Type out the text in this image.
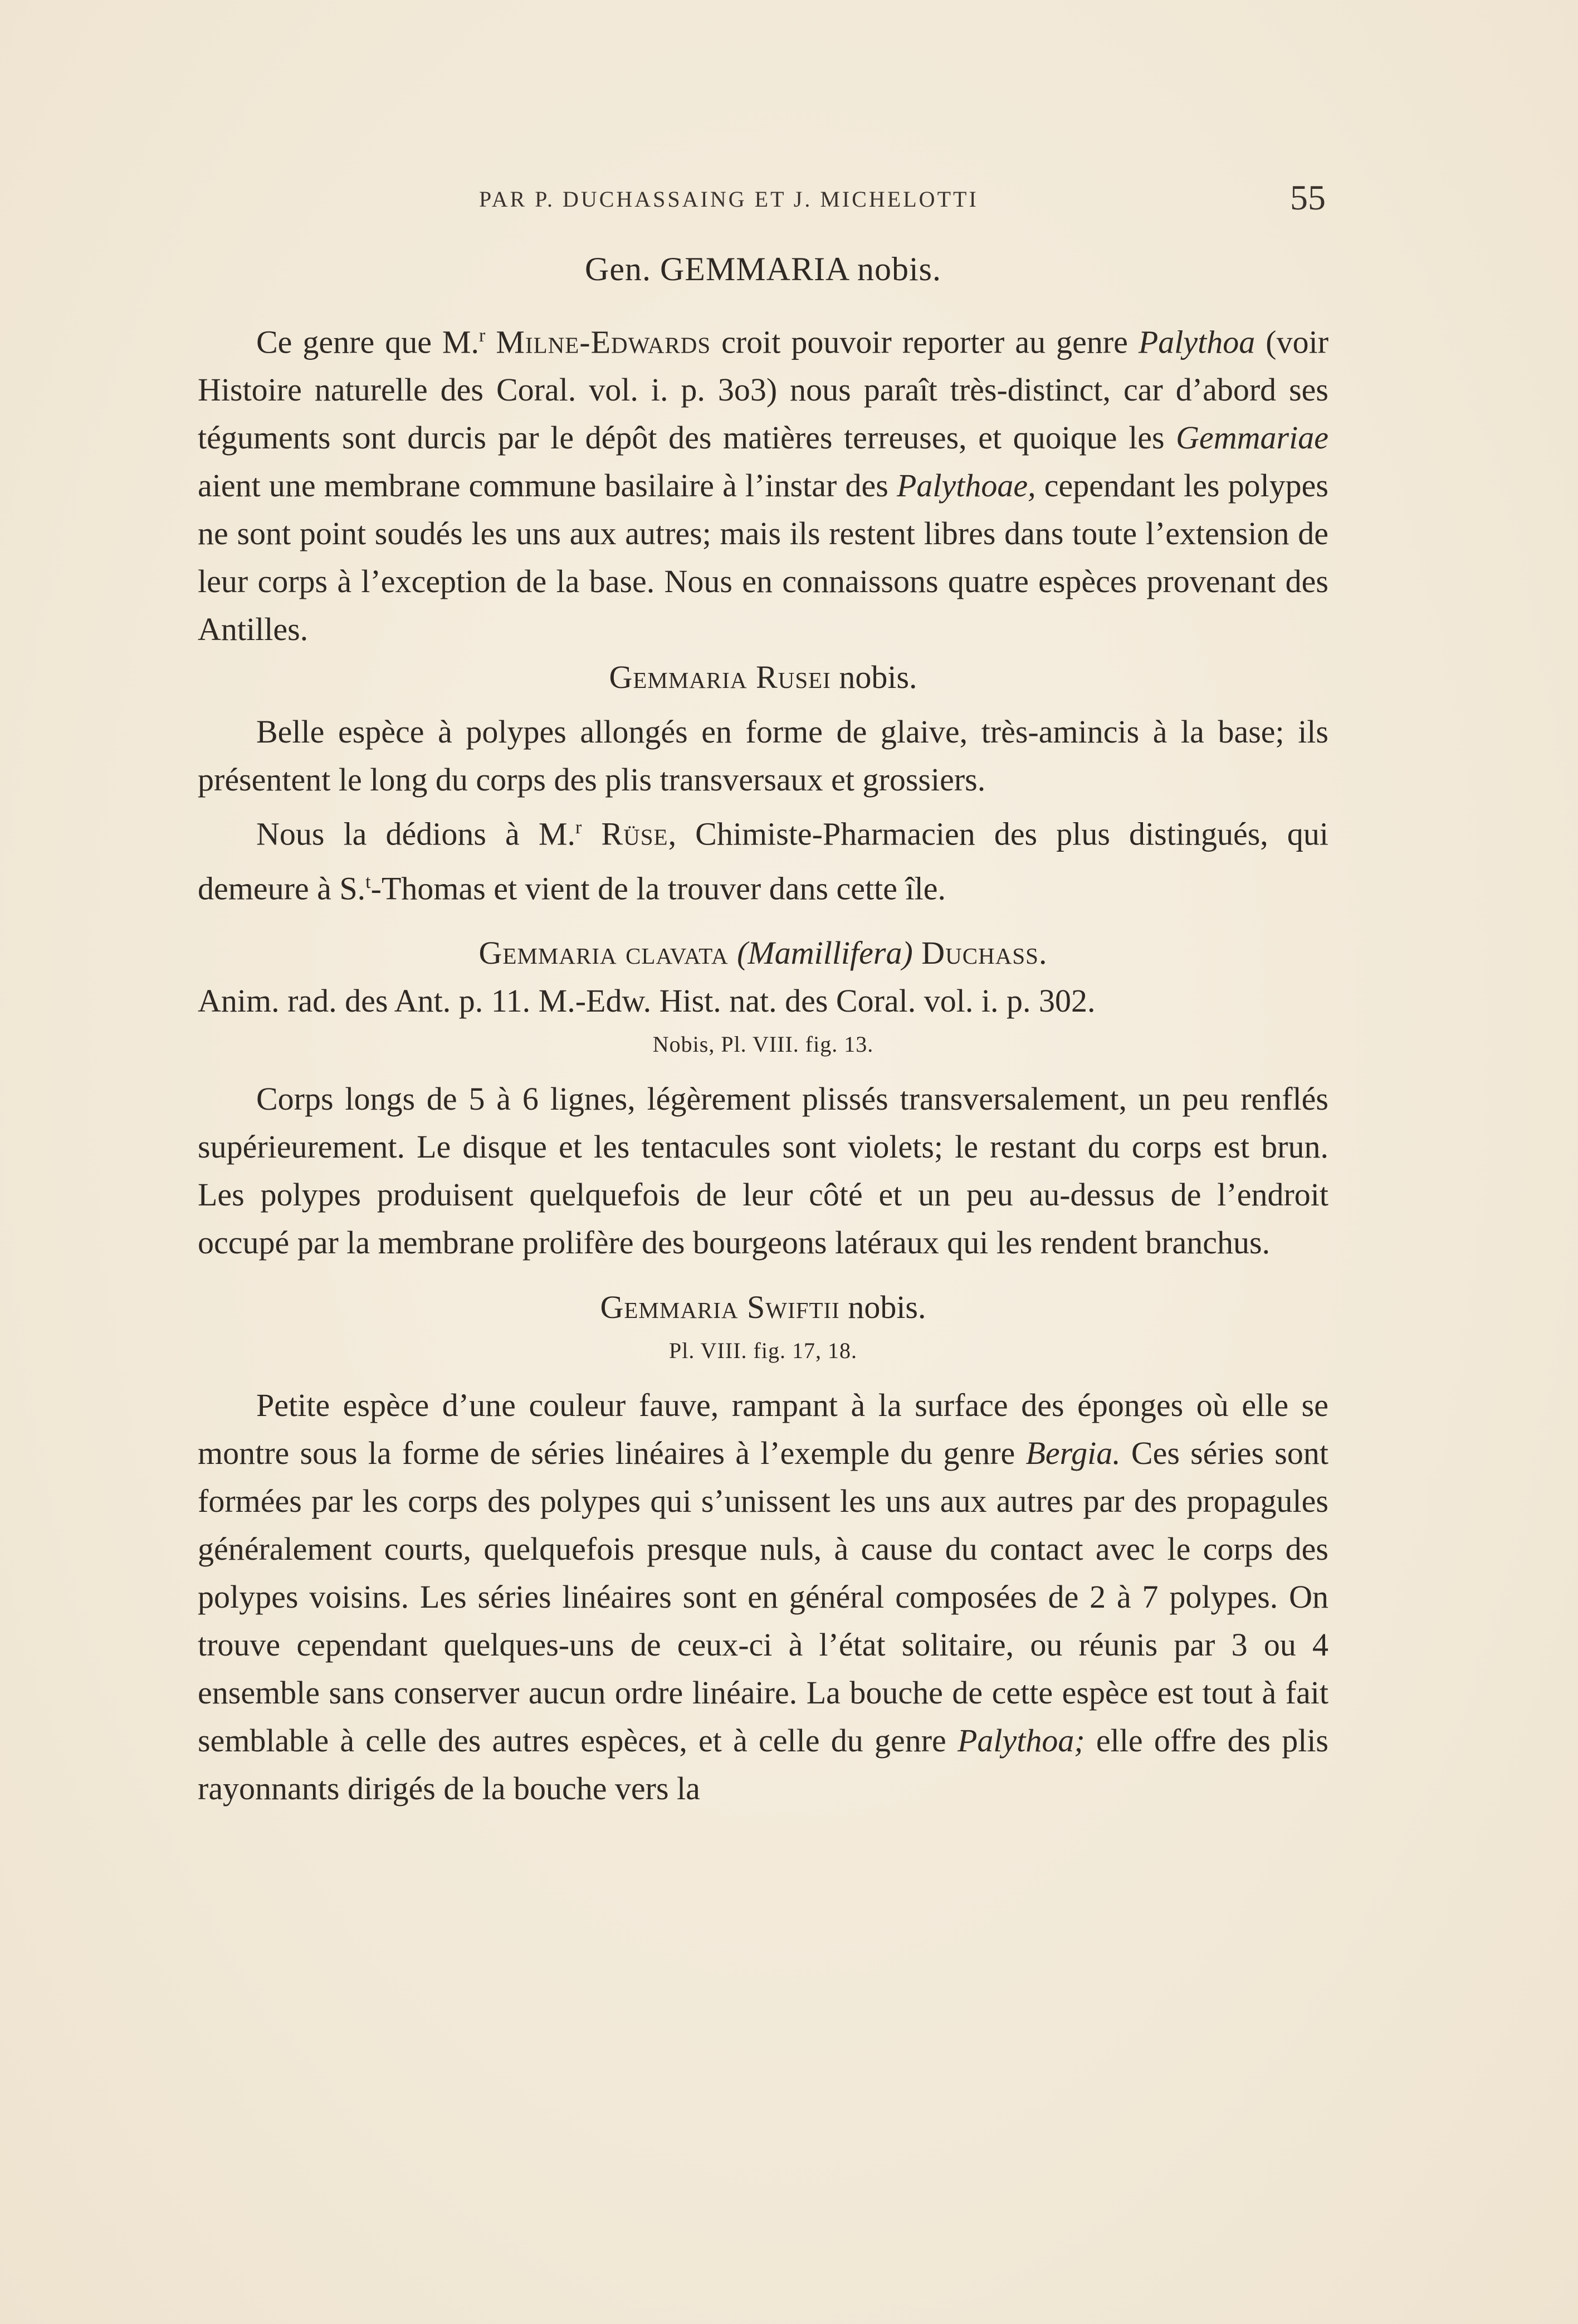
PAR P. DUCHASSAING ET J. MICHELOTTI	55

Gen. GEMMARIA nobis.

Ce genre que M.$^r$ Milne-Edwards croit pouvoir reporter au genre Palythoa (voir Histoire naturelle des Coral. vol. i. p. 3o3) nous paraît très-distinct, car d’abord ses téguments sont durcis par le dépôt des matières terreuses, et quoique les Gemmariae aient une membrane commune basilaire à l’instar des Palythoae, cependant les polypes ne sont point soudés les uns aux autres; mais ils restent libres dans toute l’extension de leur corps à l’exception de la base. Nous en connaissons quatre espèces provenant des Antilles.

Gemmaria Rusei nobis.

Belle espèce à polypes allongés en forme de glaive, très-amincis à la base; ils présentent le long du corps des plis transversaux et grossiers.

Nous la dédions à M.$^r$ Rüse, Chimiste-Pharmacien des plus distingués, qui demeure à S.$^t$-Thomas et vient de la trouver dans cette île.

Gemmaria clavata (Mamillifera) Duchass.

Anim. rad. des Ant. p. 11. M.-Edw. Hist. nat. des Coral. vol. i. p. 302.

Nobis, Pl. VIII. fig. 13.

Corps longs de 5 à 6 lignes, légèrement plissés transversalement, un peu renflés supérieurement. Le disque et les tentacules sont violets; le restant du corps est brun. Les polypes produisent quelquefois de leur côté et un peu au-dessus de l’endroit occupé par la membrane prolifère des bourgeons latéraux qui les rendent branchus.

Gemmaria Swiftii nobis.

Pl. VIII. fig. 17, 18.

Petite espèce d’une couleur fauve, rampant à la surface des éponges où elle se montre sous la forme de séries linéaires à l’exemple du genre Bergia. Ces séries sont formées par les corps des polypes qui s’unissent les uns aux autres par des propagules généralement courts, quelquefois presque nuls, à cause du contact avec le corps des polypes voisins. Les séries linéaires sont en général composées de 2 à 7 polypes. On trouve cependant quelques-uns de ceux-ci à l’état solitaire, ou réunis par 3 ou 4 ensemble sans conserver aucun ordre linéaire. La bouche de cette espèce est tout à fait semblable à celle des autres espèces, et à celle du genre Palythoa; elle offre des plis rayonnants dirigés de la bouche vers la
